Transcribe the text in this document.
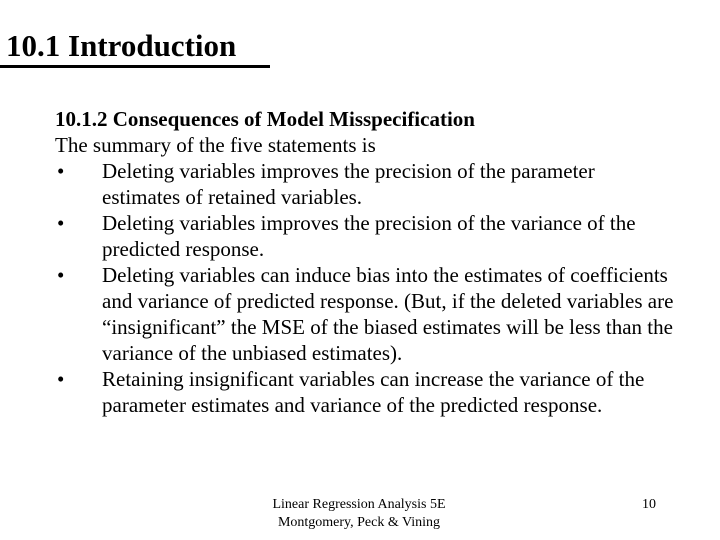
10.1 Introduction
10.1.2 Consequences of Model Misspecification
The summary of the five statements is
• Deleting variables improves the precision of the parameter estimates of retained variables.
• Deleting variables improves the precision of the variance of the predicted response.
• Deleting variables can induce bias into the estimates of coefficients and variance of predicted response. (But, if the deleted variables are “insignificant” the MSE of the biased estimates will be less than the variance of the unbiased estimates).
• Retaining insignificant variables can increase the variance of the parameter estimates and variance of the predicted response.
Linear Regression Analysis 5E
Montgomery, Peck & Vining
10
